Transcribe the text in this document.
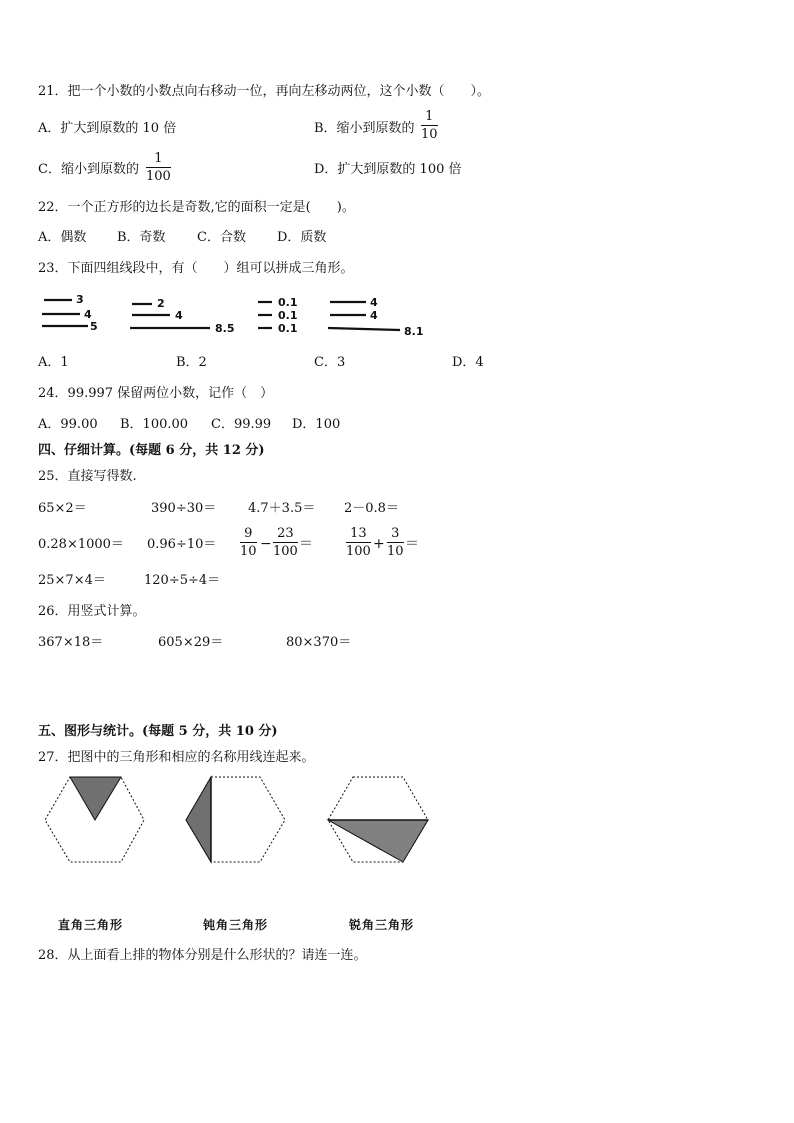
21．把一个小数的小数点向右移动一位，再向左移动两位，这个小数（　　）。
A．扩大到原数的 10 倍	B．缩小到原数的 $\frac{1}{10}$
C．缩小到原数的 $\frac{1}{100}$	D．扩大到原数的 100 倍
22．一个正方形的边长是奇数,它的面积一定是(　　)。
A．偶数 B．奇数 C．合数 D．质数
23．下面四组线段中，有（　　）组可以拼成三角形。
3
4
5
2
4
8.5
0.1
0.1
0.1
4
4
8.1
A．1	B．2	C．3	D．4
24．99.997 保留两位小数，记作（　）
A．99.00 B．100.00 C．99.99 D．100
四、仔细计算。(每题 6 分，共 12 分)
25．直接写得数.
65×2＝	390÷30＝ 4.7＋3.5＝ 2－0.8＝
$0.28\times 1000= 0.96\div 10= \frac{9}{10} - \frac{23}{100}$ ＝	$\frac{13}{100} + \frac{3}{10}$ ＝
25×7×4＝	120÷5÷4＝
26．用竖式计算。
367×18＝	605×29＝	80×370＝
五、图形与统计。(每题 5 分，共 10 分)
27．把图中的三角形和相应的名称用线连起来。
直角三角形	钝角三角形	锐角三角形
28．从上面看上排的物体分别是什么形状的？请连一连。
